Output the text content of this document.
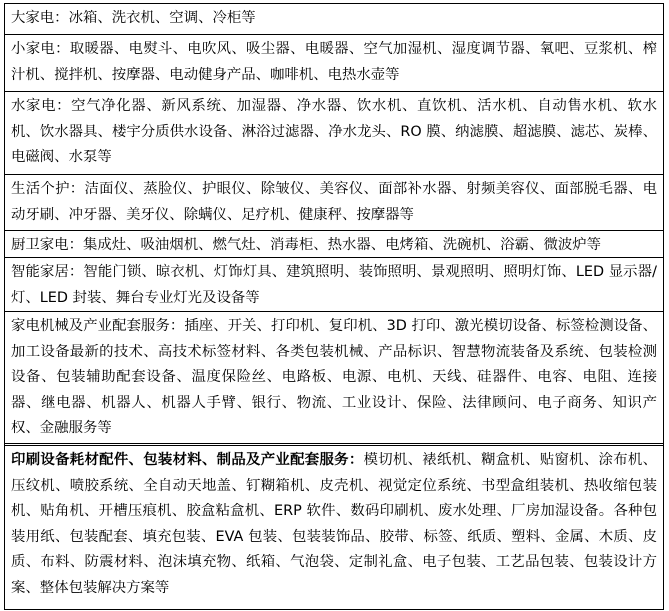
大家电：冰箱、洗衣机、空调、冷柜等
小家电：取暖器、电熨斗、电吹风、吸尘器、电暖器、空气加湿机、湿度调节器、氧吧、豆浆机、榨汁机、搅拌机、按摩器、电动健身产品、咖啡机、电热水壶等
水家电：空气净化器、新风系统、加湿器、净水器、饮水机、直饮机、活水机、自动售水机、软水机、饮水器具、楼宇分质供水设备、淋浴过滤器、净水龙头、RO 膜、纳滤膜、超滤膜、滤芯、炭棒、电磁阀、水泵等
生活个护：洁面仪、蒸脸仪、护眼仪、除皱仪、美容仪、面部补水器、射频美容仪、面部脱毛器、电动牙刷、冲牙器、美牙仪、除螨仪、足疗机、健康秤、按摩器等
厨卫家电：集成灶、吸油烟机、燃气灶、消毒柜、热水器、电烤箱、洗碗机、浴霸、微波炉等
智能家居：智能门锁、晾衣机、灯饰灯具、建筑照明、装饰照明、景观照明、照明灯饰、LED 显示器/灯、LED 封装、舞台专业灯光及设备等
家电机械及产业配套服务：插座、开关、打印机、复印机、3D 打印、激光模切设备、标签检测设备、加工设备最新的技术、高技术标签材料、各类包装机械、产品标识、智慧物流装备及系统、包装检测设备、包装辅助配套设备、温度保险丝、电路板、电源、电机、天线、硅器件、电容、电阻、连接器、继电器、机器人、机器人手臂、银行、物流、工业设计、保险、法律顾问、电子商务、知识产权、金融服务等
印刷设备耗材配件、包装材料、制品及产业配套服务：模切机、裱纸机、糊盒机、贴窗机、涂布机、压纹机、喷胶系统、全自动天地盖、钉糊箱机、皮壳机、视觉定位系统、书型盒组装机、热收缩包装机、贴角机、开槽压痕机、胶盒粘盒机、ERP 软件、数码印刷机、废水处理、厂房加湿设备。各种包装用纸、包装配套、填充包装、EVA 包装、包装装饰品、胶带、标签、纸质、塑料、金属、木质、皮质、布料、防震材料、泡沫填充物、纸箱、气泡袋、定制礼盒、电子包装、工艺品包装、包装设计方案、整体包装解决方案等
